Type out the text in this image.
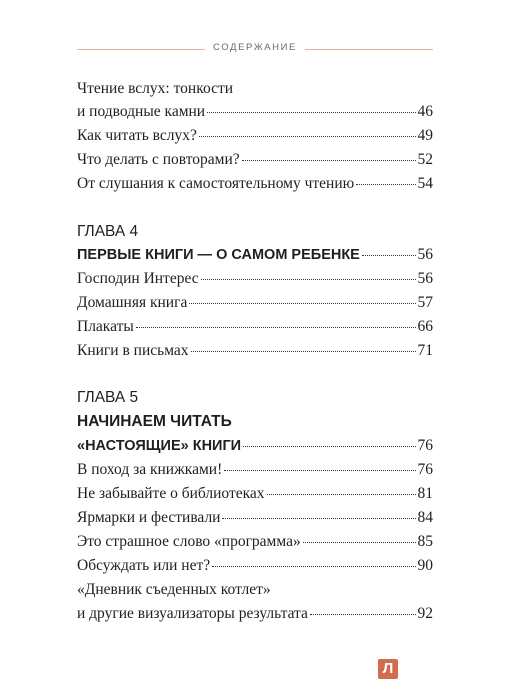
СОДЕРЖАНИЕ
Чтение вслух: тонкости
и подводные камни	46
Как читать вслух?	49
Что делать с повторами?	52
От слушания к самостоятельному чтению	54
ГЛАВА 4
ПЕРВЫЕ КНИГИ — О САМОМ РЕБЕНКЕ	56
Господин Интерес	56
Домашняя книга	57
Плакаты	66
Книги в письмах	71
ГЛАВА 5
НАЧИНАЕМ ЧИТАТЬ
«НАСТОЯЩИЕ» КНИГИ	76
В поход за книжками!	76
Не забывайте о библиотеках	81
Ярмарки и фестивали	84
Это страшное слово «программа»	85
Обсуждать или нет?	90
«Дневник съеденных котлет»
и другие визуализаторы результата	92
Л
